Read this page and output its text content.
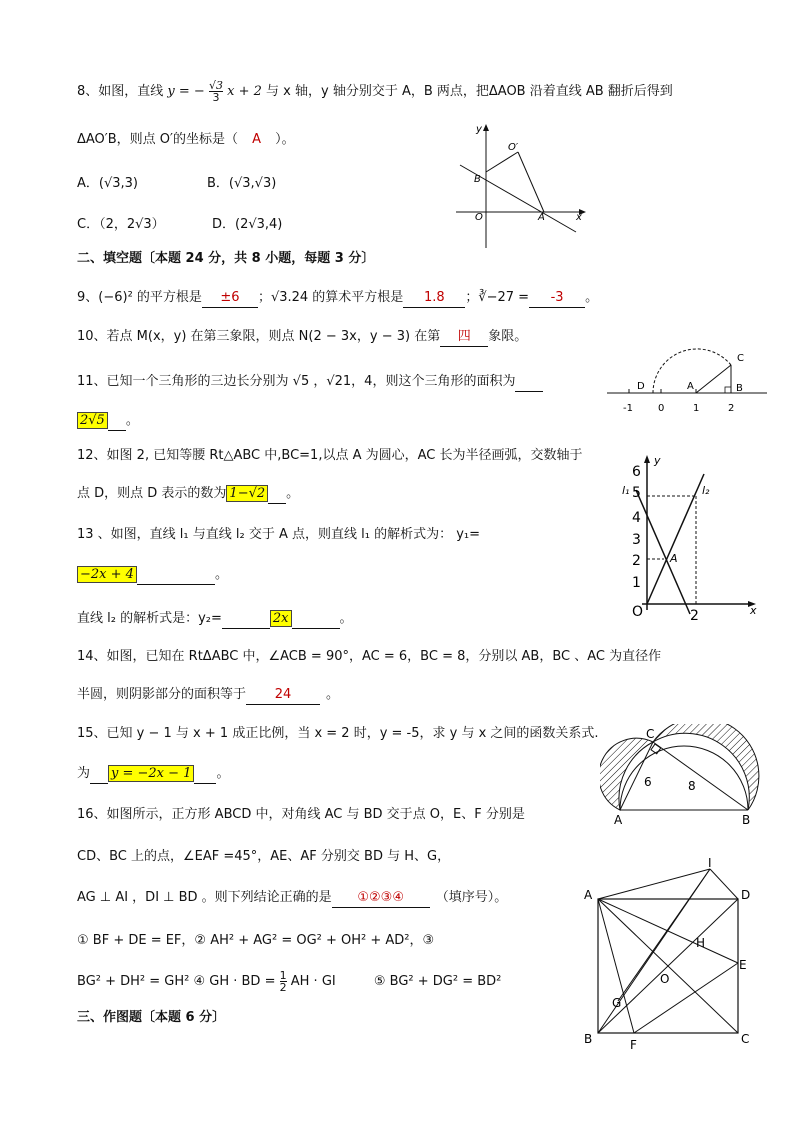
8、如图，直线 y = − $\frac{√3}{3}$ x + 2 与 x 轴，y 轴分别交于 A，B 两点，把ΔAOB 沿着直线 AB 翻折后得到
ΔAO′B，则点 O′的坐标是（ A ）。
A．(√3,3)	B．(√3,√3)
C．（2，2√3）	D．(2√3,4)
y
O′
B
O	A	x
二、填空题〔本题 24 分，共 8 小题，每题 3 分〕
9、(−6)² 的平方根是 ±6 ；√3.24 的算术平方根是 1.8 ；∛−27 = -3 。
10、若点 M(x，y) 在第三象限，则点 N(2 − 3x，y − 3) 在第 四 象限。
11、已知一个三角形的三边长分别为 √5 ，√21，4，则这个三角形的面积为
2√5 。
C
D	A	B
-1	0	1	2
12、如图 2, 已知等腰 Rt△ABC 中,BC=1,以点 A 为圆心，AC 长为半径画弧，交数轴于
点 D，则点 D 表示的数为 1−√2 。
13 、如图，直线 l₁ 与直线 l₂ 交于 A 点，则直线 l₁ 的解析式为： y₁=
−2x + 4	。
直线 l₂ 的解析式是：y₂=	2x	。
y
x
l₁	l₂
A
O	2
6
5
4
3
2
1
14、如图，已知在 RtΔABC 中，∠ACB = 90°，AC = 6，BC = 8，分别以 AB，BC 、AC 为直径作
半圆，则阴影部分的面积等于 24	。
15、已知 y − 1 与 x + 1 成正比例，当 x = 2 时，y = -5，求 y 与 x 之间的函数关系式.
为 y = −2x − 1 。
C
6	8
A	B
16、如图所示，正方形 ABCD 中，对角线 AC 与 BD 交于点 O，E、F 分别是
CD、BC 上的点，∠EAF =45°，AE、AF 分别交 BD 与 H、G，
AG ⊥ AI ，DI ⊥ BD 。则下列结论正确的是 ①②③④ （填序号）。
① BF + DE = EF，② AH² + AG² = OG² + OH² + AD²，③
BG² + DH² = GH² ④ GH · BD = $\frac{1}{2}$ AH · GI	⑤ BG² + DG² = BD²
I
A	D
H
E
O
G
B	F	C
三、作图题〔本题 6 分〕
